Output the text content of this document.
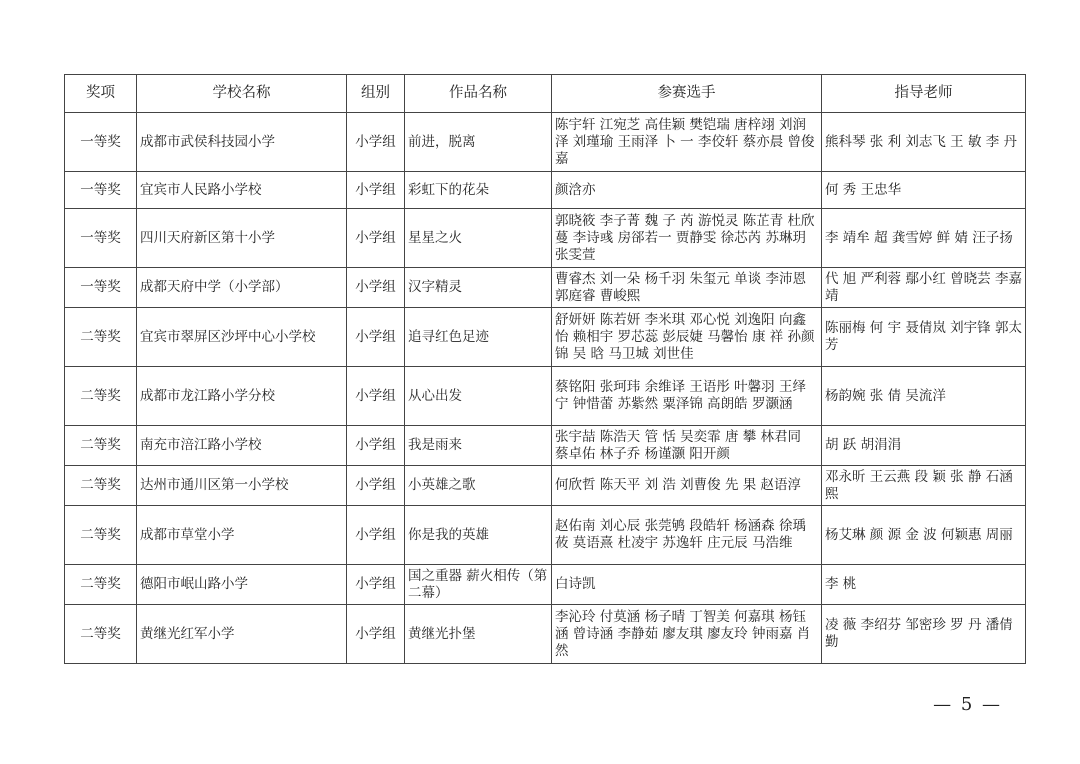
奖项	学校名称	组别	作品名称	参赛选手	指导老师
一等奖	成都市武侯科技园小学	小学组	前进，脱离	陈宇轩 江宛芝 高佳颖 樊铠瑞 唐梓翊 刘润泽 刘瑾瑜 王雨泽 卜 一 李佼轩 蔡亦晨 曾俊嘉	熊科琴 张 利 刘志飞 王 敏 李 丹
一等奖	宜宾市人民路小学校	小学组	彩虹下的花朵	颜浛亦	何 秀 王忠华
一等奖	四川天府新区第十小学	小学组	星星之火	郭晓筱 李子菁 魏 子 芮 游悦灵 陈芷青 杜欣蔓 李诗彧 房郤若一 贾静雯 徐芯芮 苏琳玥 张雯萱	李 靖牟 超 龚雪婷 鲜 婧 汪子扬
一等奖	成都天府中学（小学部）	小学组	汉字精灵	曹睿杰 刘一朵 杨千羽 朱玺元 单谈 李沛恩 郭庭睿 曹峻熙	代 旭 严利蓉 鄢小红 曾晓芸 李嘉靖
二等奖	宜宾市翠屏区沙坪中心小学校	小学组	追寻红色足迹	舒妍妍 陈若妍 李米琪 邓心悦 刘逸阳 向鑫怡 赖相宇 罗芯蕊 彭辰婕 马馨怡 康 祥 孙颜锦 吴 晗 马卫城 刘世佳	陈丽梅 何 宇 聂倩岚 刘宇锋 郭太芳
二等奖	成都市龙江路小学分校	小学组	从心出发	蔡铭阳 张珂玮 余维译 王语彤 叶馨羽 王绎宁 钟惜蕾 苏紫然 粟泽锦 高朗皓 罗灏涵	杨韵婉 张 倩 吴流洋
二等奖	南充市涪江路小学校	小学组	我是雨来	张宇喆 陈浩天 管 恬 吴奕霏 唐 攀 林君同 蔡卓佑 林子乔 杨谨灏 阳开颜	胡 跃 胡涓涓
二等奖	达州市通川区第一小学校	小学组	小英雄之歌	何欣哲 陈天平 刘 浩 刘曹俊 先 果 赵语淳	邓永昕 王云燕 段 颖 张 静 石涵熙
二等奖	成都市草堂小学	小学组	你是我的英雄	赵佑南 刘心辰 张莞鸲 段皓轩 杨涵森 徐瑀莜 莫语熹 杜凌宇 苏逸轩 庄元辰 马浩维	杨艾琳 颜 源 金 波 何颖惠 周丽
二等奖	德阳市岷山路小学	小学组	国之重器 薪火相传（第二幕）	白诗凯	李 桃
二等奖	黄继光红军小学	小学组	黄继光扑堡	李沁玲 付莫涵 杨子晴 丁智美 何嘉琪 杨钰涵 曾诗涵 李静茹 廖友琪 廖友玲 钟雨嘉 肖 然	凌 薇 李绍芬 邹密珍 罗 丹 潘倩勤
— 5 —
